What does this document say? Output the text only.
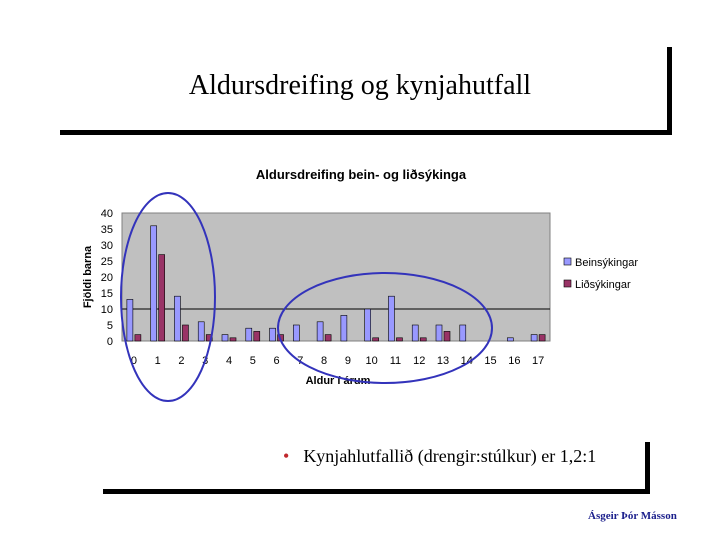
Aldursdreifing og kynjahutfall
Aldursdreifing bein- og liðsýkinga
0
5
10
15
20
25
30
35
40
Fjöldi barna
0 1 2 3 4 5 6 7 8 9 10 11 12 13 14 15 16 17
Aldur í árum
Beinsýkingar
Liðsýkingar
• Kynjahlutfallið (drengir:stúlkur) er 1,2:1
Ásgeir Þór Másson
